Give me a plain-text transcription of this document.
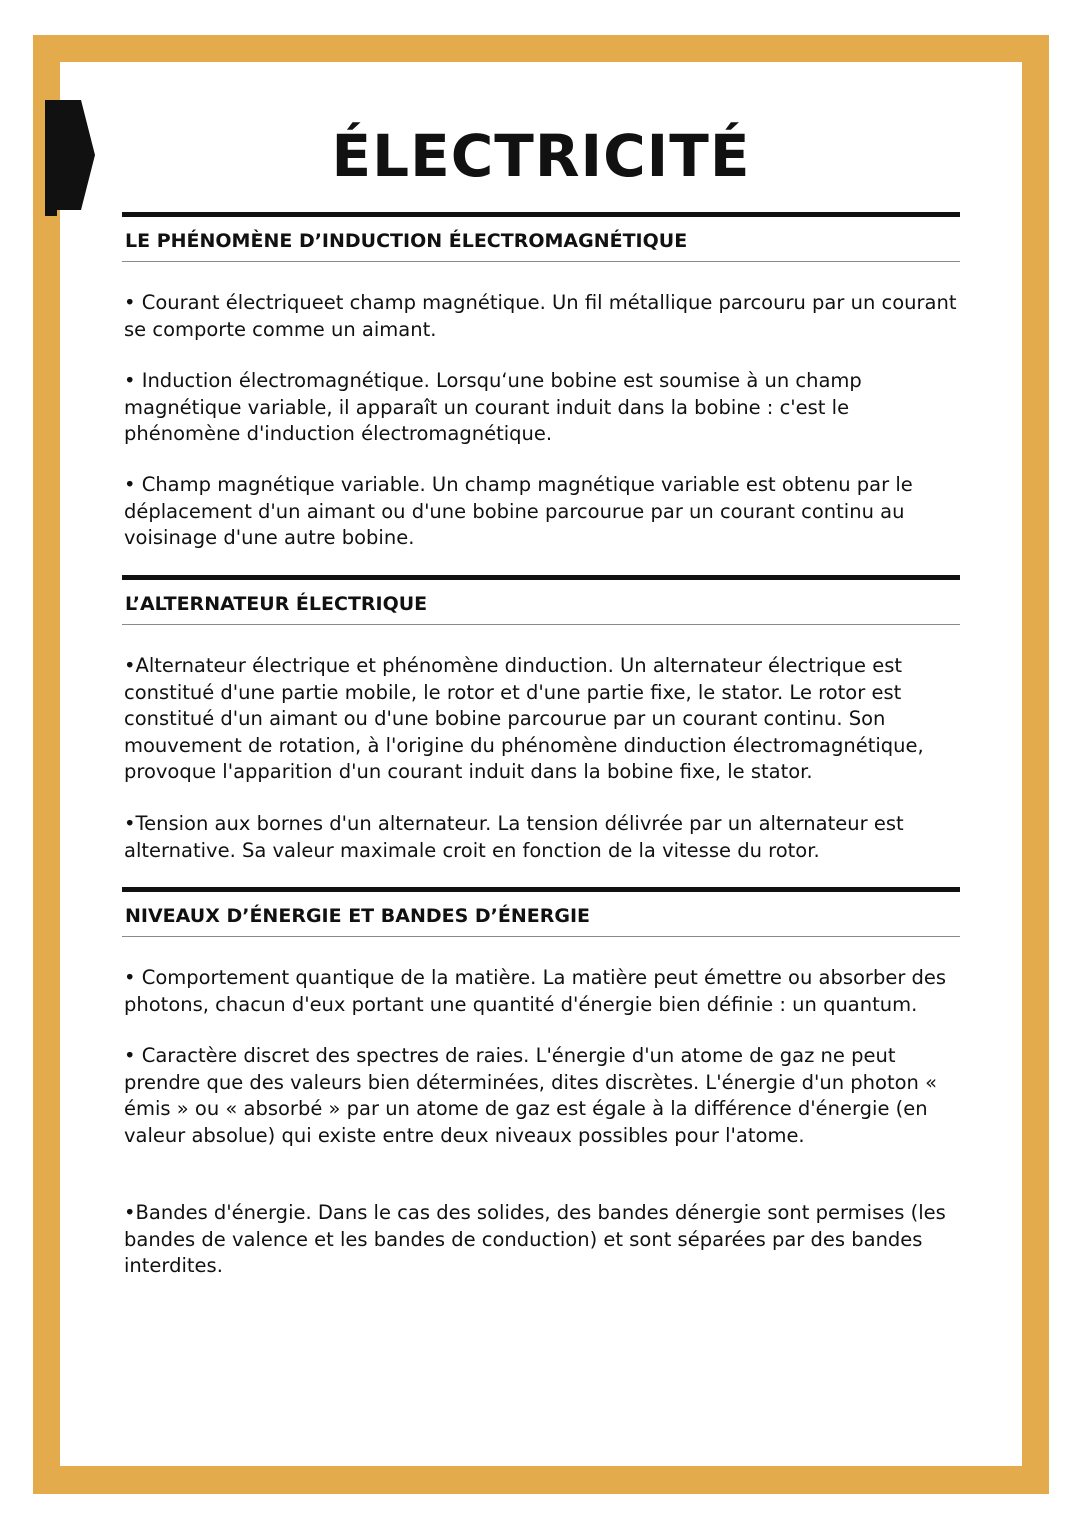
ÉLECTRICITÉ
LE PHÉNOMÈNE D’INDUCTION ÉLECTROMAGNÉTIQUE

• Courant électriqueet champ magnétique. Un fil métallique parcouru par un courant se comporte comme un aimant.

• Induction électromagnétique. Lorsqu‘une bobine est soumise à un champ magnétique variable, il apparaît un courant induit dans la bobine : c'est le phénomène d'induction électromagnétique.

• Champ magnétique variable. Un champ magnétique variable est obtenu par le déplacement d'un aimant ou d'une bobine parcourue par un courant continu au voisinage d'une autre bobine.

L’ALTERNATEUR ÉLECTRIQUE

•Alternateur électrique et phénomène dinduction. Un alternateur électrique est constitué d'une partie mobile, le rotor et d'une partie fixe, le stator. Le rotor est constitué d'un aimant ou d'une bobine parcourue par un courant continu. Son mouvement de rotation, à l'origine du phénomène dinduction électromagnétique, provoque l'apparition d'un courant induit dans la bobine fixe, le stator.

•Tension aux bornes d'un alternateur. La tension délivrée par un alternateur est alternative. Sa valeur maximale croit en fonction de la vitesse du rotor.

NIVEAUX D’ÉNERGIE ET BANDES D’ÉNERGIE

• Comportement quantique de la matière. La matière peut émettre ou absorber des photons, chacun d'eux portant une quantité d'énergie bien définie : un quantum.

• Caractère discret des spectres de raies. L'énergie d'un atome de gaz ne peut prendre que des valeurs bien déterminées, dites discrètes. L'énergie d'un photon « émis » ou « absorbé » par un atome de gaz est égale à la différence d'énergie (en valeur absolue) qui existe entre deux niveaux possibles pour l'atome.

•Bandes d'énergie. Dans le cas des solides, des bandes dénergie sont permises (les bandes de valence et les bandes de conduction) et sont séparées par des bandes interdites.
